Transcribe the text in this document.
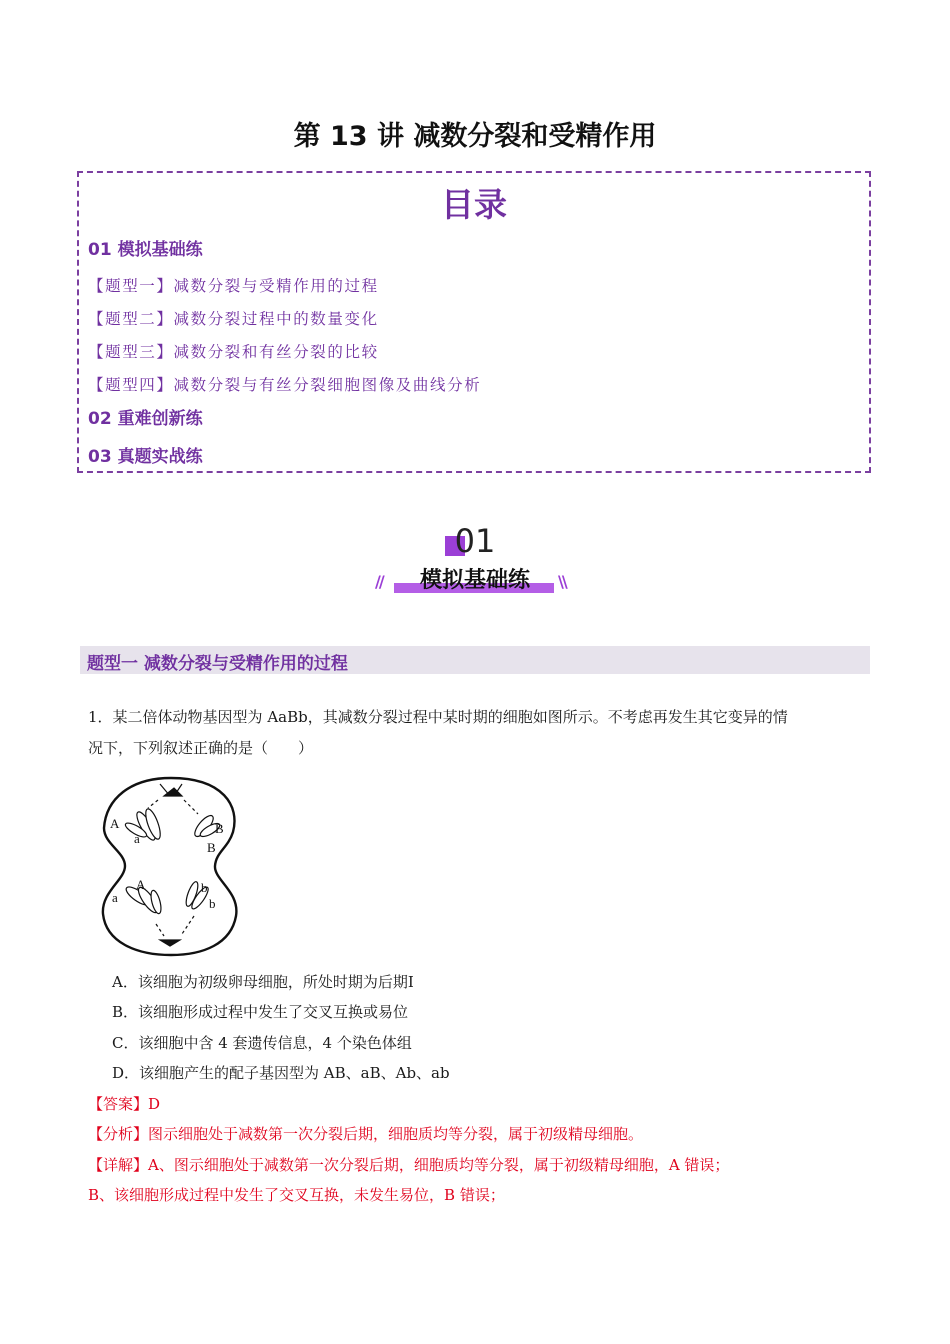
第 13 讲 减数分裂和受精作用
目录
01 模拟基础练
【题型一】减数分裂与受精作用的过程
【题型二】减数分裂过程中的数量变化
【题型三】减数分裂和有丝分裂的比较
【题型四】减数分裂与有丝分裂细胞图像及曲线分析
02 重难创新练
03 真题实战练
01
模拟基础练
//	\\
题型一 减数分裂与受精作用的过程
1．某二倍体动物基因型为 AaBb，其减数分裂过程中某时期的细胞如图所示。不考虑再发生其它变异的情
况下，下列叙述正确的是（　　）
A
a
B
B
A
a
b
b
A．该细胞为初级卵母细胞，所处时期为后期Ⅰ
B．该细胞形成过程中发生了交叉互换或易位
C．该细胞中含 4 套遗传信息，4 个染色体组
D．该细胞产生的配子基因型为 AB、aB、Ab、ab
【答案】D
【分析】图示细胞处于减数第一次分裂后期，细胞质均等分裂，属于初级精母细胞。
【详解】A、图示细胞处于减数第一次分裂后期，细胞质均等分裂，属于初级精母细胞，A 错误；
B、该细胞形成过程中发生了交叉互换，未发生易位，B 错误；
